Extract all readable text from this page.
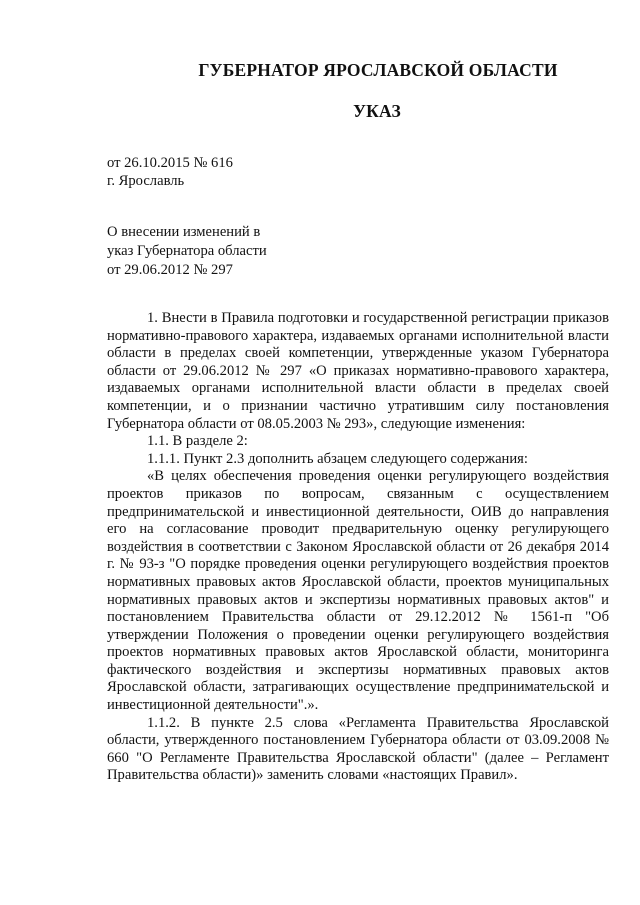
ГУБЕРНАТОР ЯРОСЛАВСКОЙ ОБЛАСТИ
УКАЗ
от 26.10.2015 № 616
г. Ярославль
О внесении изменений в
указ Губернатора области
от 29.06.2012 № 297

1. Внести в Правила подготовки и государственной регистрации приказов нормативно-правового характера, издаваемых органами исполнительной власти области в пределах своей компетенции, утвержденные указом Губернатора области от 29.06.2012 № 297 «О приказах нормативно-правового характера, издаваемых органами исполнительной власти области в пределах своей компетенции, и о признании частично утратившим силу постановления Губернатора области от 08.05.2003 № 293», следующие изменения:

1.1. В разделе 2:

1.1.1. Пункт 2.3 дополнить абзацем следующего содержания:

«В целях обеспечения проведения оценки регулирующего воздействия проектов приказов по вопросам, связанным с осуществлением предпринимательской и инвестиционной деятельности, ОИВ до направления его на согласование проводит предварительную оценку регулирующего воздействия в соответствии с Законом Ярославской области от 26 декабря 2014 г. № 93-з "О порядке проведения оценки регулирующего воздействия проектов нормативных правовых актов Ярославской области, проектов муниципальных нормативных правовых актов и экспертизы нормативных правовых актов" и постановлением Правительства области от 29.12.2012 № 1561-п "Об утверждении Положения о проведении оценки регулирующего воздействия проектов нормативных правовых актов Ярославской области, мониторинга фактического воздействия и экспертизы нормативных правовых актов Ярославской области, затрагивающих осуществление предпринимательской и инвестиционной деятельности".».

1.1.2. В пункте 2.5 слова «Регламента Правительства Ярославской области, утвержденного постановлением Губернатора области от 03.09.2008 № 660 "О Регламенте Правительства Ярославской области" (далее – Регламент Правительства области)» заменить словами «настоящих Правил».
